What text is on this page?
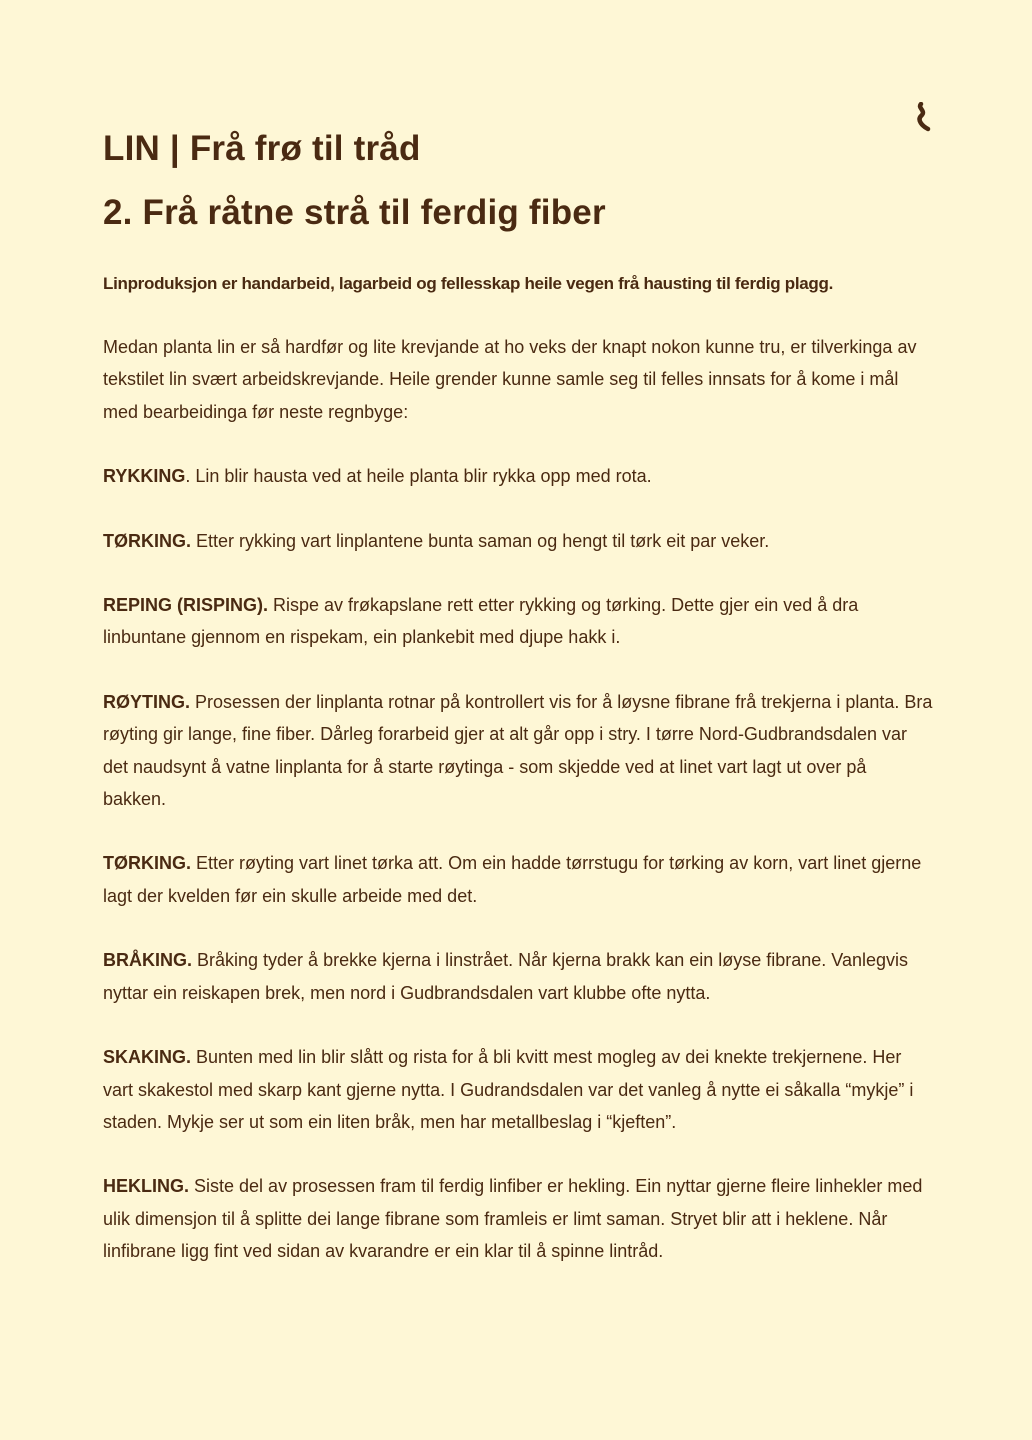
LIN | Frå frø til tråd
2. Frå råtne strå til ferdig fiber

Linproduksjon er handarbeid, lagarbeid og fellesskap heile vegen frå hausting til ferdig plagg.

Medan planta lin er så hardfør og lite krevjande at ho veks der knapt nokon kunne tru, er tilverkinga av tekstilet lin svært arbeidskrevjande. Heile grender kunne samle seg til felles innsats for å kome i mål med bearbeidinga før neste regnbyge:

RYKKING. Lin blir hausta ved at heile planta blir rykka opp med rota.

TØRKING. Etter rykking vart linplantene bunta saman og hengt til tørk eit par veker.

REPING (RISPING). Rispe av frøkapslane rett etter rykking og tørking. Dette gjer ein ved å dra linbuntane gjennom en rispekam, ein plankebit med djupe hakk i.

RØYTING. Prosessen der linplanta rotnar på kontrollert vis for å løysne fibrane frå trekjerna i planta. Bra røyting gir lange, fine fiber. Dårleg forarbeid gjer at alt går opp i stry. I tørre Nord-Gudbrandsdalen var det naudsynt å vatne linplanta for å starte røytinga - som skjedde ved at linet vart lagt ut over på bakken.

TØRKING. Etter røyting vart linet tørka att. Om ein hadde tørrstugu for tørking av korn, vart linet gjerne lagt der kvelden før ein skulle arbeide med det.

BRÅKING. Bråking tyder å brekke kjerna i linstrået. Når kjerna brakk kan ein løyse fibrane. Vanlegvis nyttar ein reiskapen brek, men nord i Gudbrandsdalen vart klubbe ofte nytta.

SKAKING. Bunten med lin blir slått og rista for å bli kvitt mest mogleg av dei knekte trekjernene. Her vart skakestol med skarp kant gjerne nytta. I Gudrandsdalen var det vanleg å nytte ei såkalla “mykje” i staden. Mykje ser ut som ein liten bråk, men har metallbeslag i “kjeften”.

HEKLING. Siste del av prosessen fram til ferdig linfiber er hekling. Ein nyttar gjerne fleire linhekler med ulik dimensjon til å splitte dei lange fibrane som framleis er limt saman. Stryet blir att i heklene. Når linfibrane ligg fint ved sidan av kvarandre er ein klar til å spinne lintråd.
